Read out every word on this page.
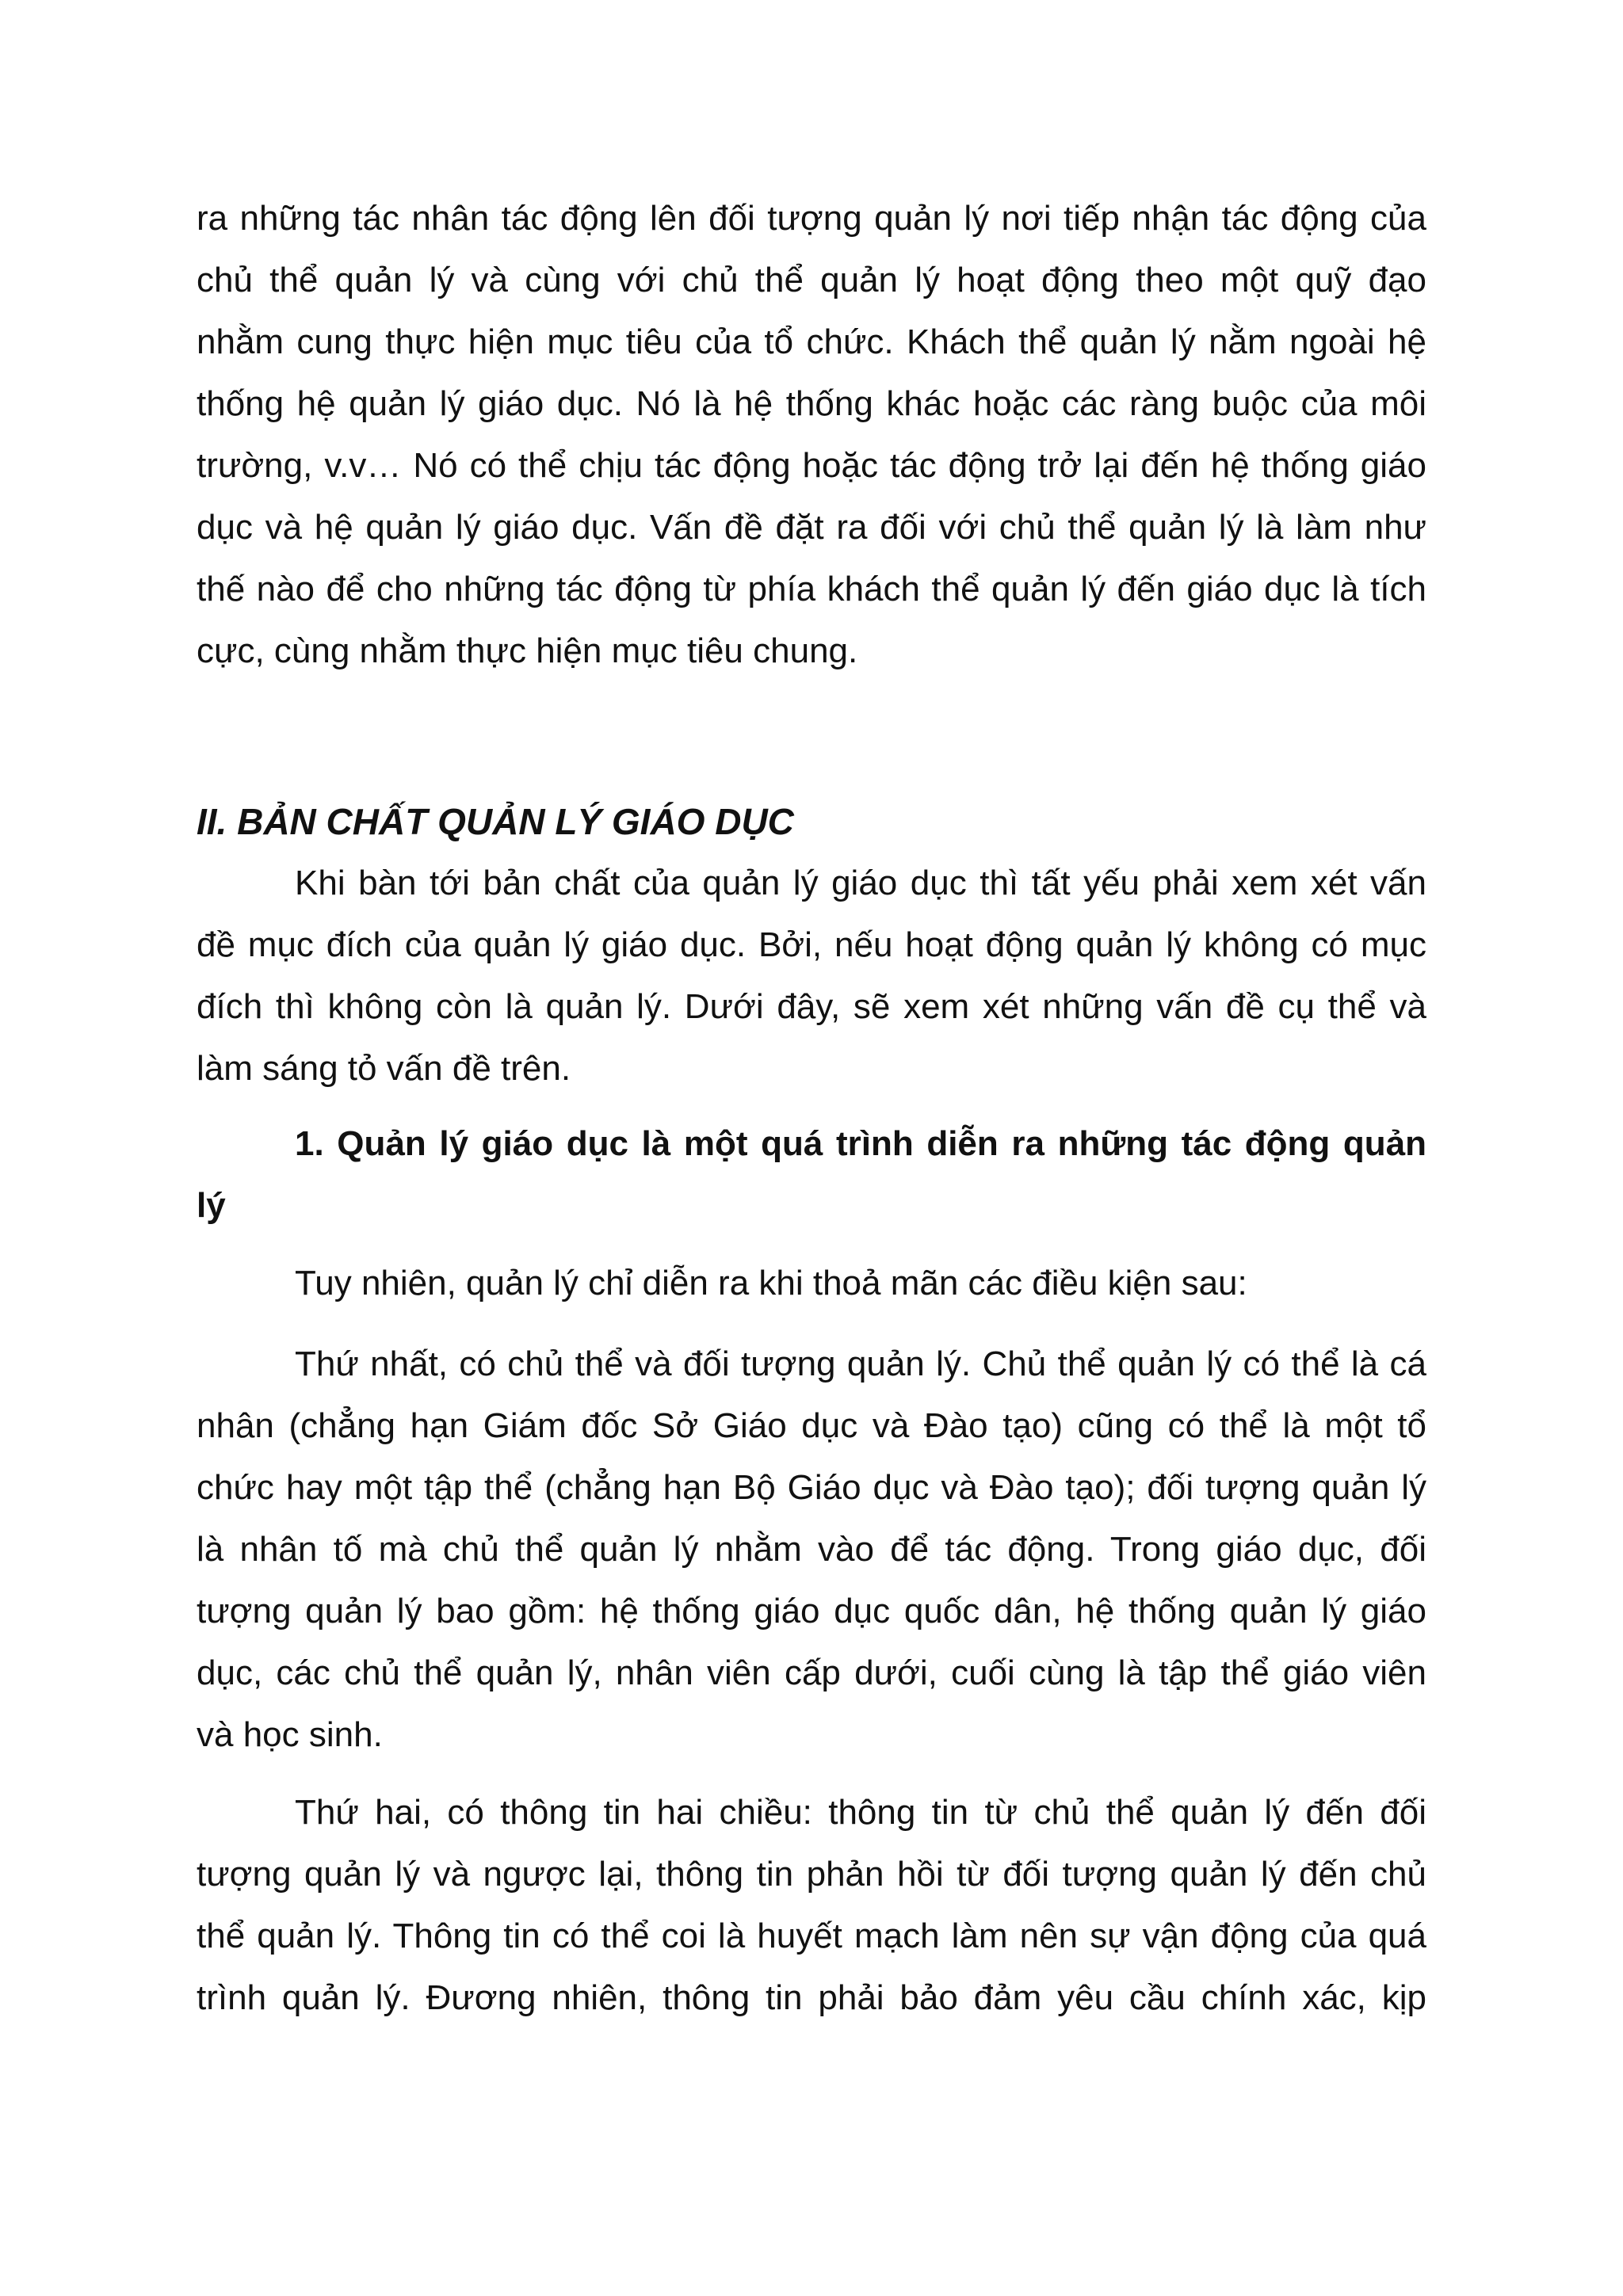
ra những tác nhân tác động lên đối tượng quản lý nơi tiếp nhận tác động của
chủ thể quản lý và cùng với chủ thể quản lý hoạt động theo một quỹ đạo
nhằm cung thực hiện mục tiêu của tổ chức. Khách thể quản lý nằm ngoài hệ
thống hệ quản lý giáo dục. Nó là hệ thống khác hoặc các ràng buộc của môi
trường, v.v… Nó có thể chịu tác động hoặc tác động trở lại đến hệ thống giáo
dục và hệ quản lý giáo dục. Vấn đề đặt ra đối với chủ thể quản lý là làm như
thế nào để cho những tác động từ phía khách thể quản lý đến giáo dục là tích
cực, cùng nhằm thực hiện mục tiêu chung.
II. BẢN CHẤT QUẢN LÝ GIÁO DỤC
Khi bàn tới bản chất của quản lý giáo dục thì tất yếu phải xem xét vấn
đề mục đích của quản lý giáo dục. Bởi, nếu hoạt động quản lý không có mục
đích thì không còn là quản lý. Dưới đây, sẽ xem xét những vấn đề cụ thể và
làm sáng tỏ vấn đề trên.
1. Quản lý giáo dục là một quá trình diễn ra những tác động quản
lý
Tuy nhiên, quản lý chỉ diễn ra khi thoả mãn các điều kiện sau:
Thứ nhất, có chủ thể và đối tượng quản lý. Chủ thể quản lý có thể là cá
nhân (chẳng hạn Giám đốc Sở Giáo dục và Đào tạo) cũng có thể là một tổ
chức hay một tập thể (chẳng hạn Bộ Giáo dục và Đào tạo); đối tượng quản lý
là nhân tố mà chủ thể quản lý nhằm vào để tác động. Trong giáo dục, đối
tượng quản lý bao gồm: hệ thống giáo dục quốc dân, hệ thống quản lý giáo
dục, các chủ thể quản lý, nhân viên cấp dưới, cuối cùng là tập thể giáo viên
và học sinh.
Thứ hai, có thông tin hai chiều: thông tin từ chủ thể quản lý đến đối
tượng quản lý và ngược lại, thông tin phản hồi từ đối tượng quản lý đến chủ
thể quản lý. Thông tin có thể coi là huyết mạch làm nên sự vận động của quá
trình quản lý. Đương nhiên, thông tin phải bảo đảm yêu cầu chính xác, kịp
